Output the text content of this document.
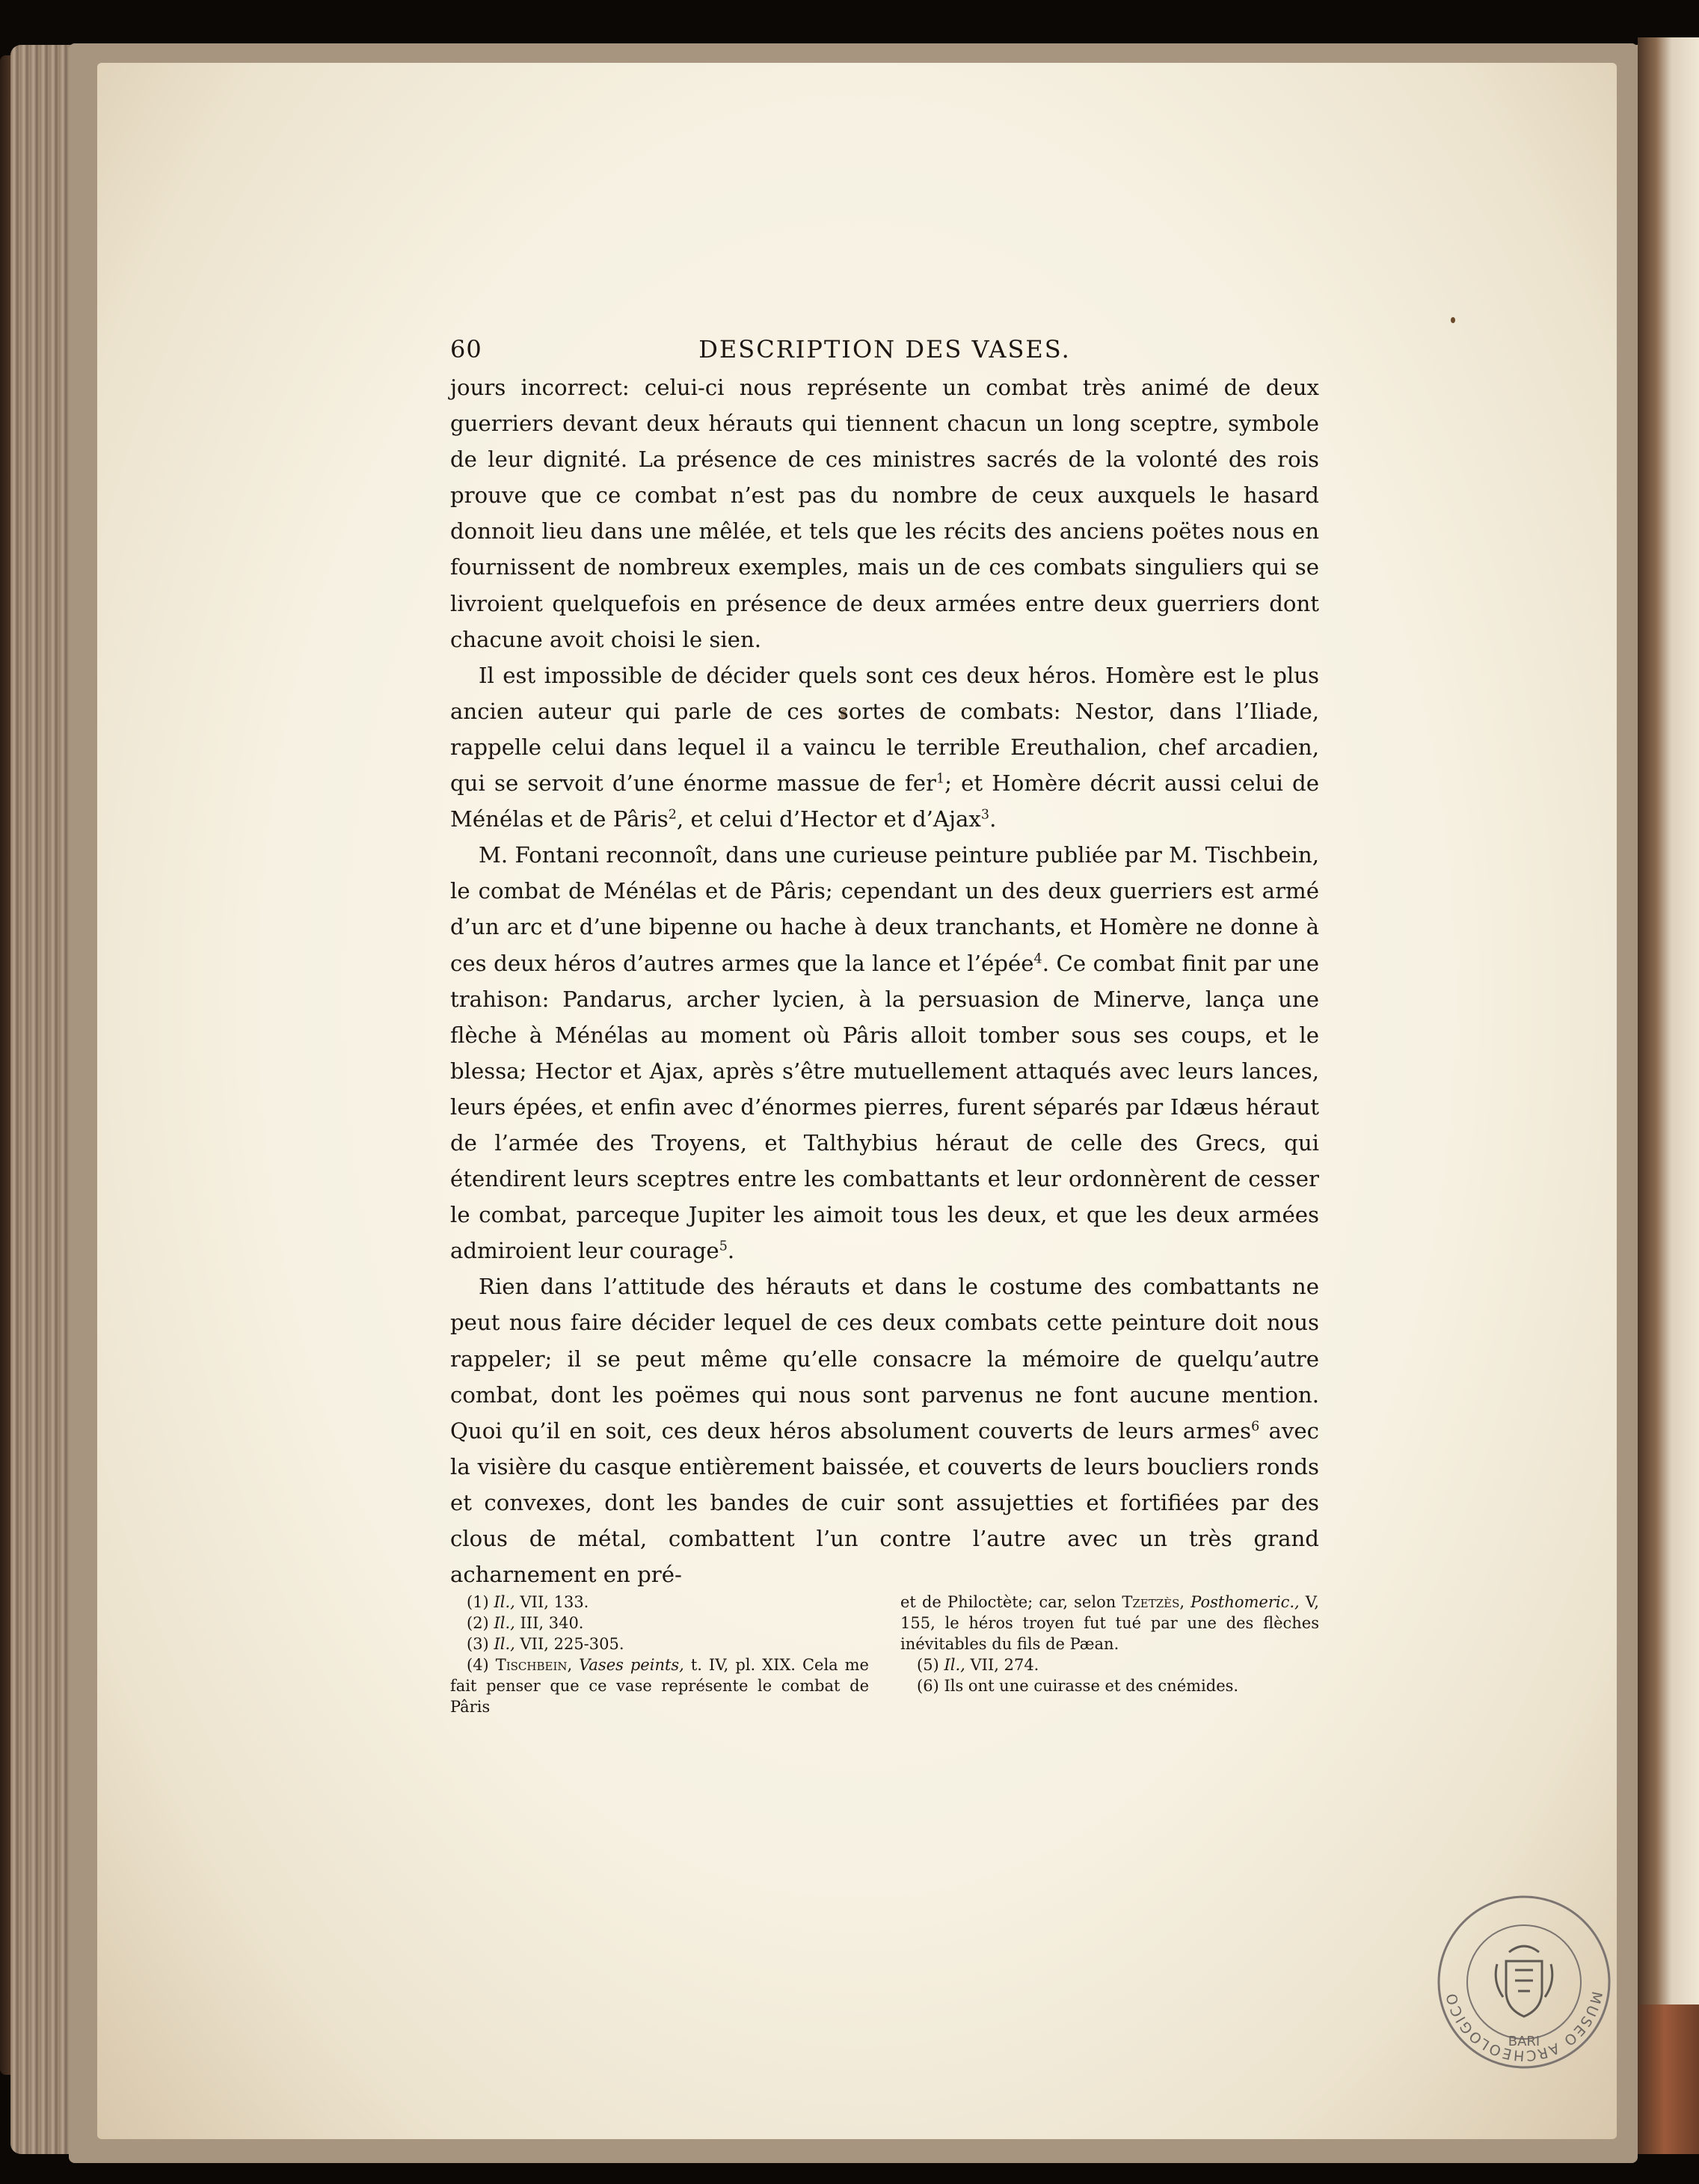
60	DESCRIPTION DES VASES.

jours incorrect: celui-ci nous représente un combat très animé de deux guerriers devant deux hérauts qui tiennent chacun un long sceptre, symbole de leur dignité. La présence de ces ministres sacrés de la volonté des rois prouve que ce combat n’est pas du nombre de ceux auxquels le hasard donnoit lieu dans une mêlée, et tels que les récits des anciens poëtes nous en fournissent de nombreux exemples, mais un de ces combats singuliers qui se livroient quelquefois en présence de deux armées entre deux guerriers dont chacune avoit choisi le sien.

Il est impossible de décider quels sont ces deux héros. Homère est le plus ancien auteur qui parle de ces sortes de combats: Nestor, dans l’Iliade, rappelle celui dans lequel il a vaincu le terrible Ereuthalion, chef arcadien, qui se servoit d’une énorme massue de fer$^1$; et Homère décrit aussi celui de Ménélas et de Pâris$^2$, et celui d’Hector et d’Ajax$^3$.

M. Fontani reconnoît, dans une curieuse peinture publiée par M. Tischbein, le combat de Ménélas et de Pâris; cependant un des deux guerriers est armé d’un arc et d’une bipenne ou hache à deux tranchants, et Homère ne donne à ces deux héros d’autres armes que la lance et l’épée$^4$. Ce combat finit par une trahison: Pandarus, archer lycien, à la persuasion de Minerve, lança une flèche à Ménélas au moment où Pâris alloit tomber sous ses coups, et le blessa; Hector et Ajax, après s’être mutuellement attaqués avec leurs lances, leurs épées, et enfin avec d’énormes pierres, furent séparés par Idæus héraut de l’armée des Troyens, et Talthybius héraut de celle des Grecs, qui étendirent leurs sceptres entre les combattants et leur ordonnèrent de cesser le combat, parceque Jupiter les aimoit tous les deux, et que les deux armées admiroient leur courage$^5$.

Rien dans l’attitude des hérauts et dans le costume des combattants ne peut nous faire décider lequel de ces deux combats cette peinture doit nous rappeler; il se peut même qu’elle consacre la mémoire de quelqu’autre combat, dont les poëmes qui nous sont parvenus ne font aucune mention. Quoi qu’il en soit, ces deux héros absolument couverts de leurs armes$^6$ avec la visière du casque entièrement baissée, et couverts de leurs boucliers ronds et convexes, dont les bandes de cuir sont assujetties et fortifiées par des clous de métal, combattent l’un contre l’autre avec un très grand acharnement en pré-

(1) Il., VII, 133.
(2) Il., III, 340.
(3) Il., VII, 225-305.
(4) Tischbein, Vases peints, t. IV, pl. XIX. Cela me fait penser que ce vase représente le combat de Pâris
et de Philoctète; car, selon Tzetzès, Posthomeric., V, 155, le héros troyen fut tué par une des flèches inévitables du fils de Pæan.
(5) Il., VII, 274.
(6) Ils ont une cuirasse et des cnémides.
MUSEO ARCHEOLOGICO
BARI
